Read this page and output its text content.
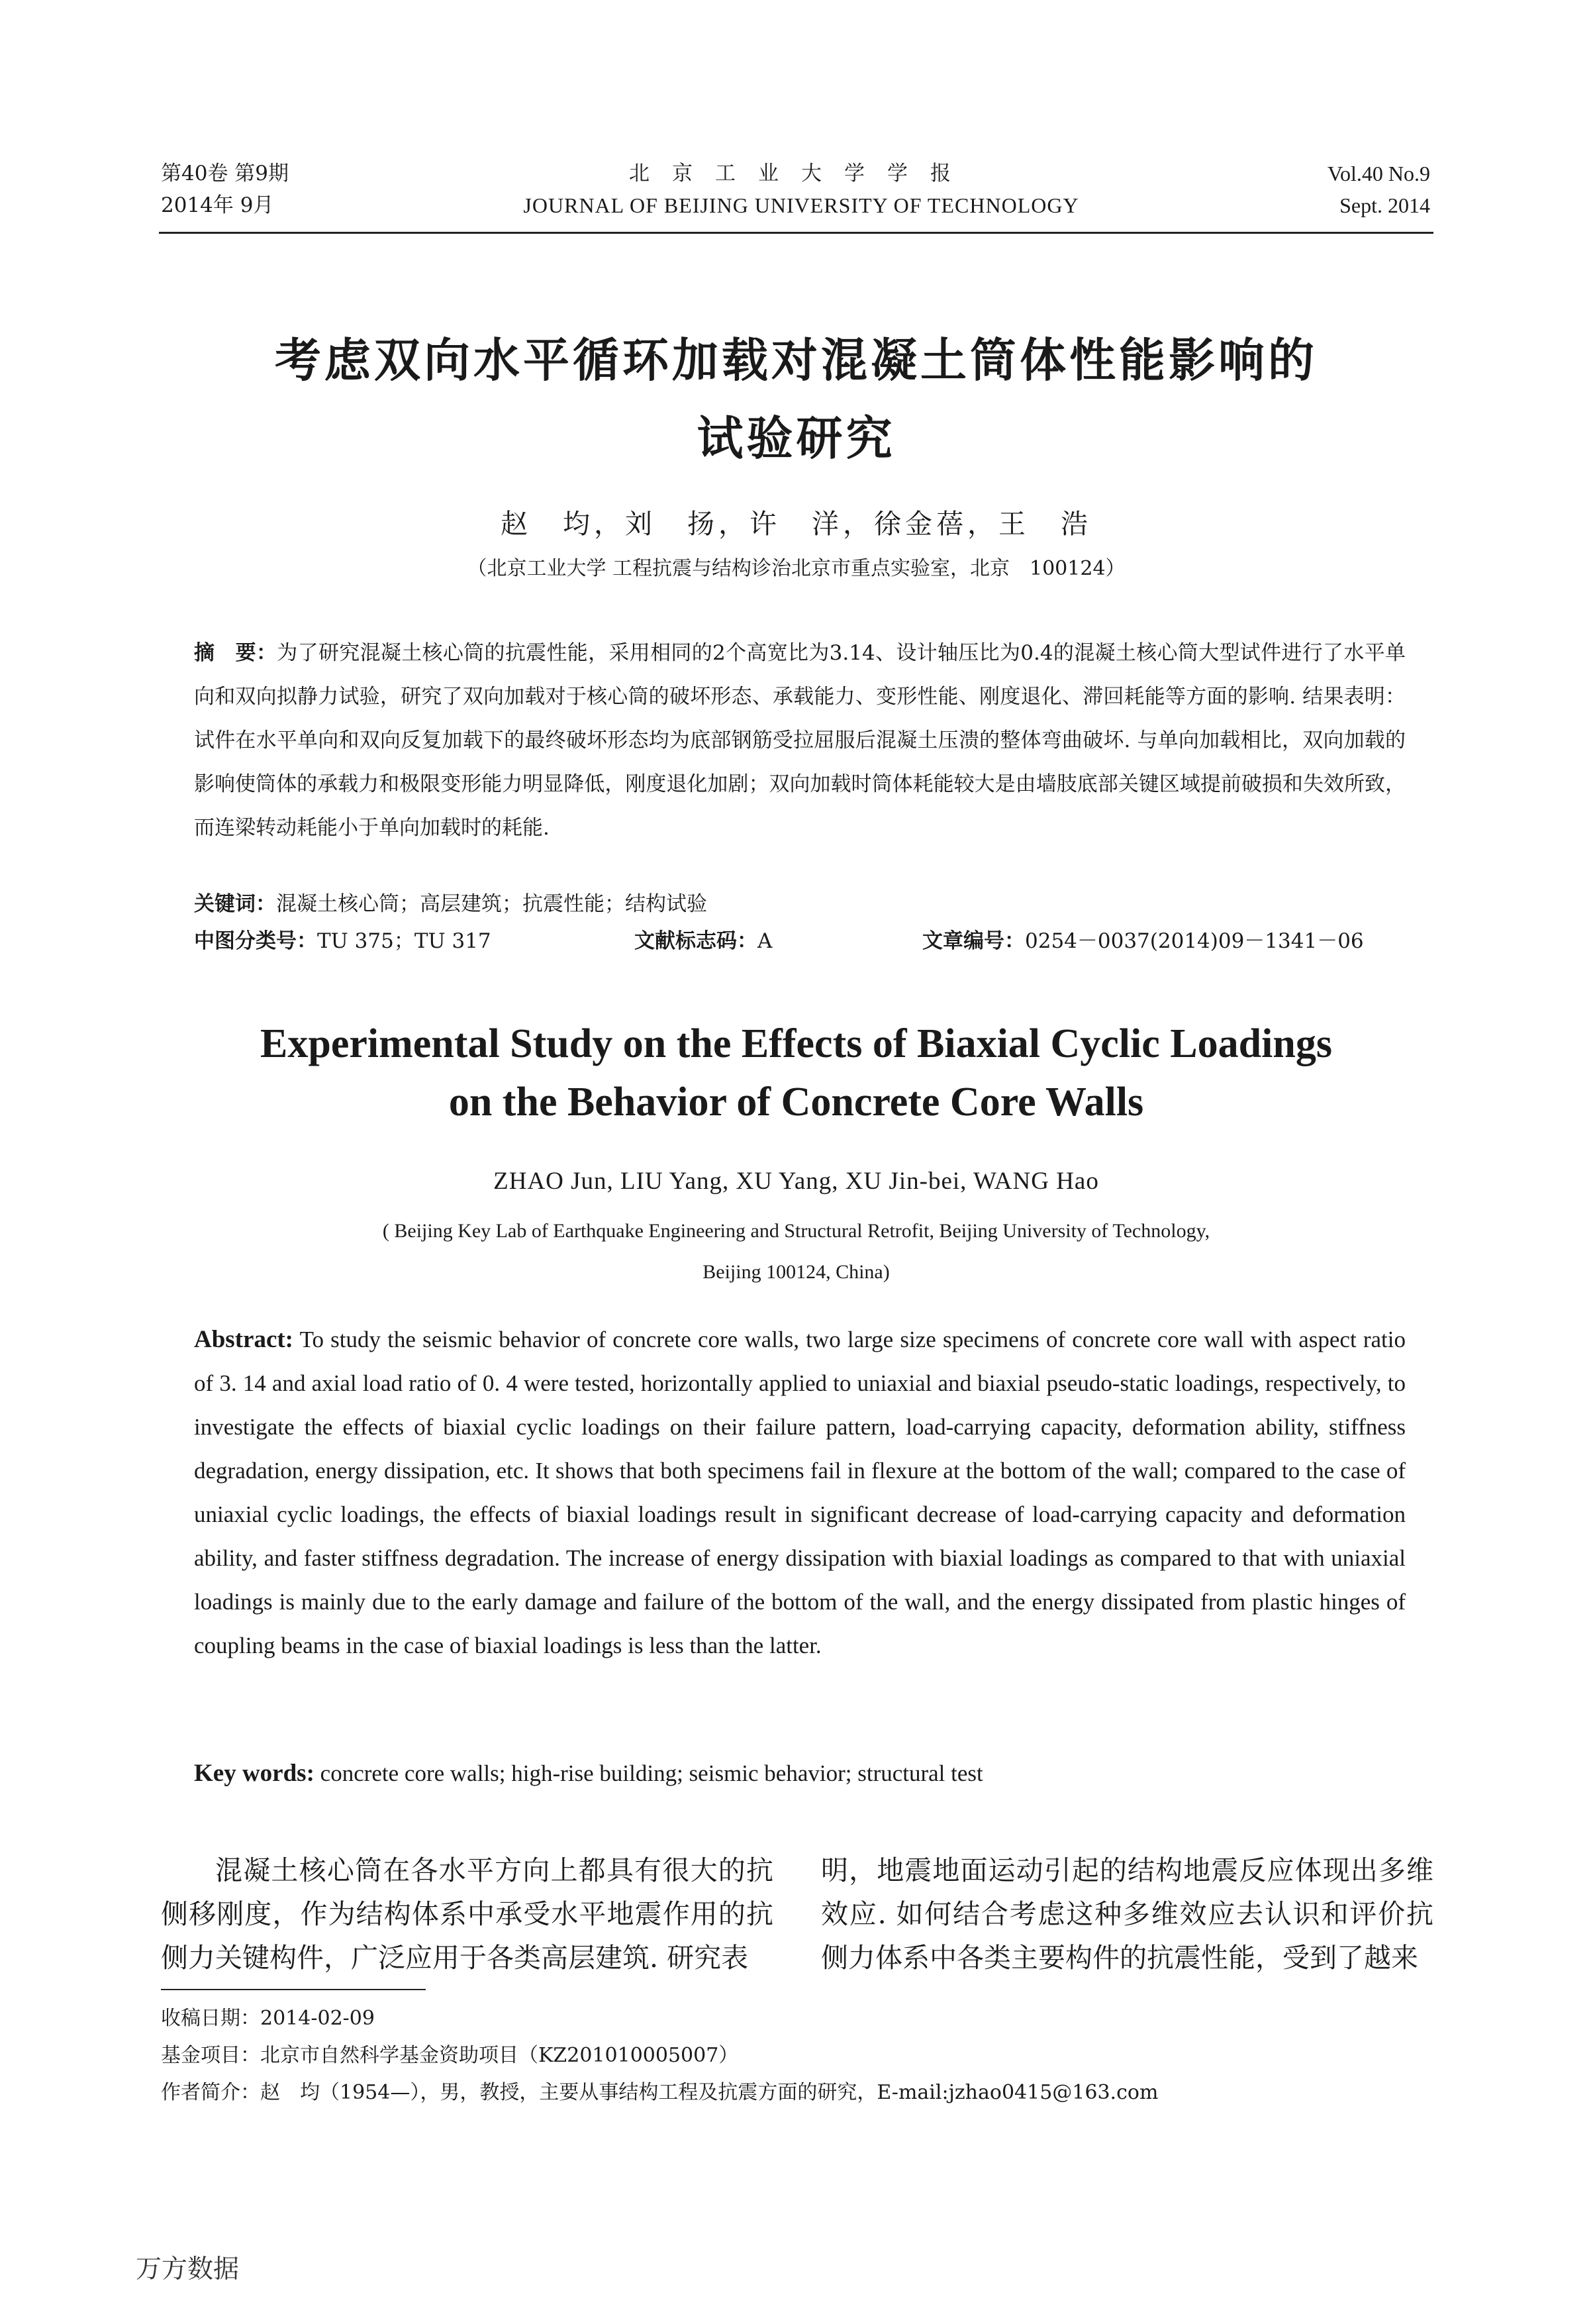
第40卷 第9期
2014年 9月
北京工业大学学报
JOURNAL OF BEIJING UNIVERSITY OF TECHNOLOGY
Vol.40 No.9
Sept. 2014
考虑双向水平循环加载对混凝土筒体性能影响的
试验研究
赵　均，刘　扬，许　洋，徐金蓓，王　浩
（北京工业大学 工程抗震与结构诊治北京市重点实验室，北京　100124）
摘　要：为了研究混凝土核心筒的抗震性能，采用相同的2个高宽比为3.14、设计轴压比为0.4的混凝土核心筒大型试件进行了水平单向和双向拟静力试验，研究了双向加载对于核心筒的破坏形态、承载能力、变形性能、刚度退化、滞回耗能等方面的影响. 结果表明：试件在水平单向和双向反复加载下的最终破坏形态均为底部钢筋受拉屈服后混凝土压溃的整体弯曲破坏. 与单向加载相比，双向加载的影响使筒体的承载力和极限变形能力明显降低，刚度退化加剧；双向加载时筒体耗能较大是由墙肢底部关键区域提前破损和失效所致，而连梁转动耗能小于单向加载时的耗能.
关键词：混凝土核心筒；高层建筑；抗震性能；结构试验
中图分类号：TU 375；TU 317	文献标志码：A	文章编号：0254－0037(2014)09－1341－06
Experimental Study on the Effects of Biaxial Cyclic Loadings
on the Behavior of Concrete Core Walls
ZHAO Jun, LIU Yang, XU Yang, XU Jin-bei, WANG Hao
( Beijing Key Lab of Earthquake Engineering and Structural Retrofit, Beijing University of Technology,
Beijing 100124, China)
Abstract: To study the seismic behavior of concrete core walls, two large size specimens of concrete core wall with aspect ratio of 3. 14 and axial load ratio of 0. 4 were tested, horizontally applied to uniaxial and biaxial pseudo-static loadings, respectively, to investigate the effects of biaxial cyclic loadings on their failure pattern, load-carrying capacity, deformation ability, stiffness degradation, energy dissipation, etc. It shows that both specimens fail in flexure at the bottom of the wall; compared to the case of uniaxial cyclic loadings, the effects of biaxial loadings result in significant decrease of load-carrying capacity and deformation ability, and faster stiffness degradation. The increase of energy dissipation with biaxial loadings as compared to that with uniaxial loadings is mainly due to the early damage and failure of the bottom of the wall, and the energy dissipated from plastic hinges of coupling beams in the case of biaxial loadings is less than the latter.
Key words: concrete core walls; high-rise building; seismic behavior; structural test
混凝土核心筒在各水平方向上都具有很大的抗侧移刚度，作为结构体系中承受水平地震作用的抗侧力关键构件，广泛应用于各类高层建筑. 研究表
明，地震地面运动引起的结构地震反应体现出多维效应. 如何结合考虑这种多维效应去认识和评价抗侧力体系中各类主要构件的抗震性能，受到了越来
收稿日期：2014-02-09
基金项目：北京市自然科学基金资助项目（KZ201010005007）
作者简介：赵　均（1954—），男，教授，主要从事结构工程及抗震方面的研究，E-mail:jzhao0415@163.com
万方数据
